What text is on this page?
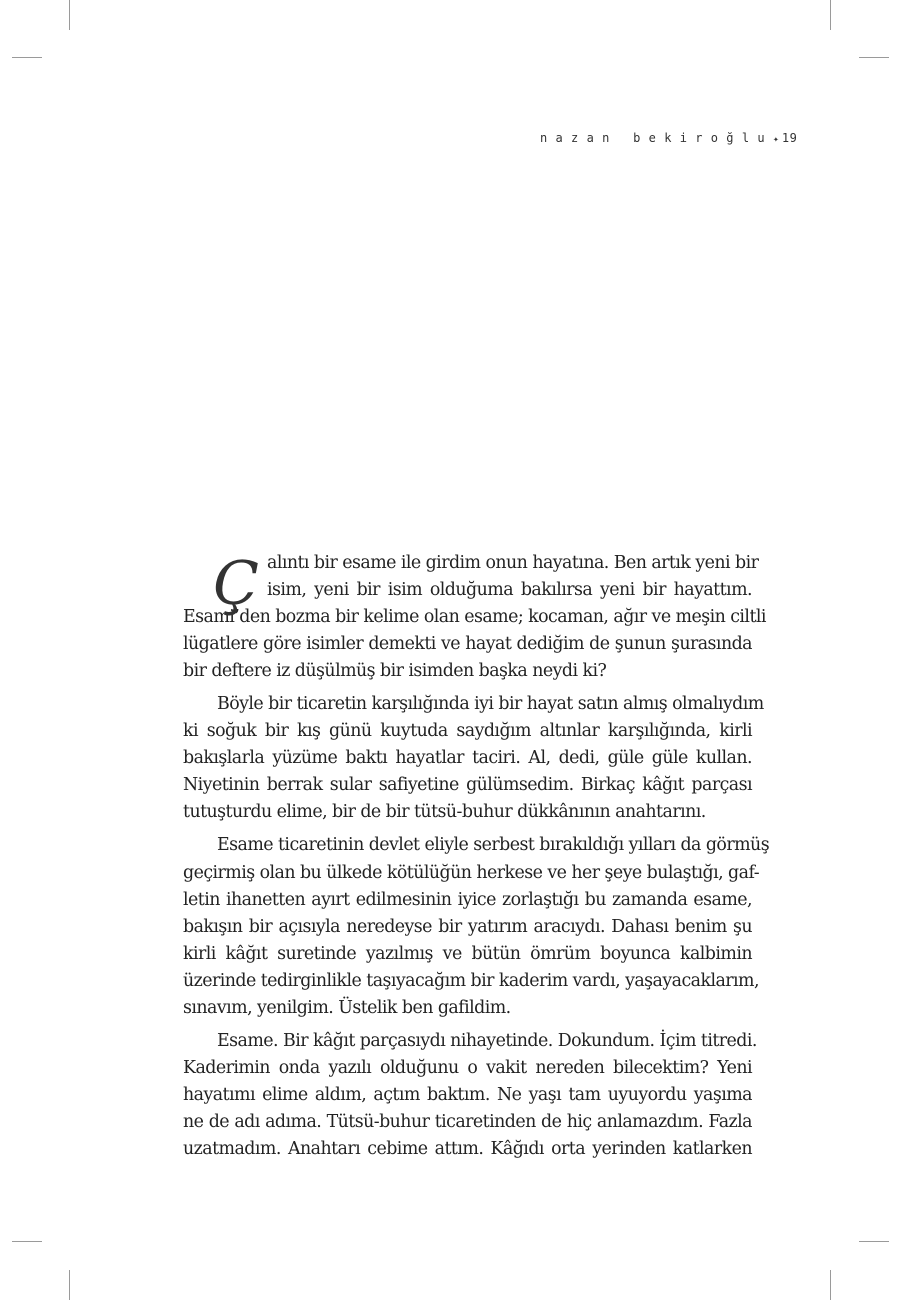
nazan bekiroğlu✦ 19
Ç alıntı bir esame ile girdim onun hayatına. Ben artık yeni bir
isim, yeni bir isim olduğuma bakılırsa yeni bir hayattım.
Esami’den bozma bir kelime olan esame; kocaman, ağır ve meşin ciltli
lügatlere göre isimler demekti ve hayat dediğim de şunun şurasında
bir deftere iz düşülmüş bir isimden başka neydi ki?
Böyle bir ticaretin karşılığında iyi bir hayat satın almış olmalıydım
ki soğuk bir kış günü kuytuda saydığım altınlar karşılığında, kirli
bakışlarla yüzüme baktı hayatlar taciri. Al, dedi, güle güle kullan.
Niyetinin berrak sular safiyetine gülümsedim. Birkaç kâğıt parçası
tutuşturdu elime, bir de bir tütsü-buhur dükkânının anahtarını.
Esame ticaretinin devlet eliyle serbest bırakıldığı yılları da görmüş
geçirmiş olan bu ülkede kötülüğün herkese ve her şeye bulaştığı, gaf-
letin ihanetten ayırt edilmesinin iyice zorlaştığı bu zamanda esame,
bakışın bir açısıyla neredeyse bir yatırım aracıydı. Dahası benim şu
kirli kâğıt suretinde yazılmış ve bütün ömrüm boyunca kalbimin
üzerinde tedirginlikle taşıyacağım bir kaderim vardı, yaşayacaklarım,
sınavım, yenilgim. Üstelik ben gafildim.
Esame. Bir kâğıt parçasıydı nihayetinde. Dokundum. İçim titredi.
Kaderimin onda yazılı olduğunu o vakit nereden bilecektim? Yeni
hayatımı elime aldım, açtım baktım. Ne yaşı tam uyuyordu yaşıma
ne de adı adıma. Tütsü-buhur ticaretinden de hiç anlamazdım. Fazla
uzatmadım. Anahtarı cebime attım. Kâğıdı orta yerinden katlarken
